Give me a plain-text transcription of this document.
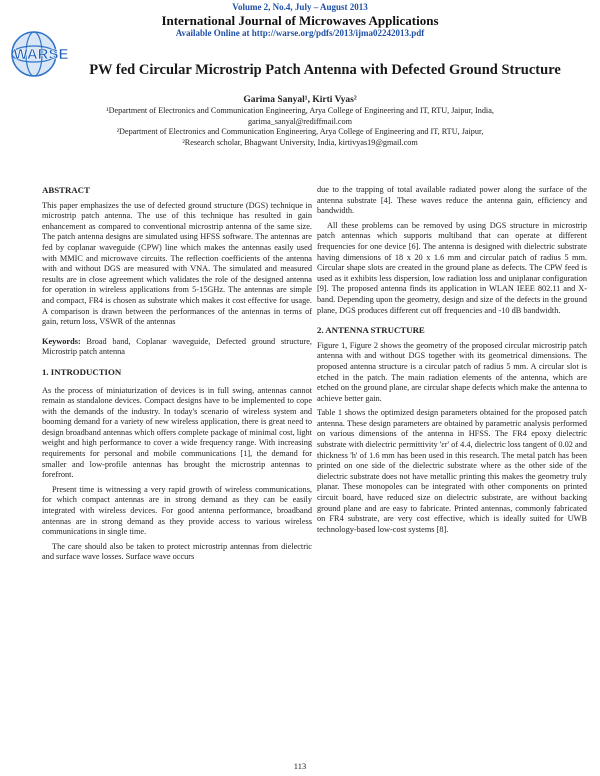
WARSE
Volume 2, No.4, July – August 2013
International Journal of Microwaves Applications
Available Online at http://warse.org/pdfs/2013/ijma02242013.pdf
PW fed Circular Microstrip Patch Antenna with Defected Ground Structure
Garima Sanyal¹, Kirti Vyas²

¹Department of Electronics and Communication Engineering, Arya College of Engineering and IT, RTU, Jaipur, India, garima_sanyal@rediffmail.com

²Department of Electronics and Communication Engineering, Arya College of Engineering and IT, RTU, Jaipur,

²Research scholar, Bhagwant University, India, kirtivyas19@gmail.com

ABSTRACT

This paper emphasizes the use of defected ground structure (DGS) technique in microstrip patch antenna. The use of this technique has resulted in gain enhancement as compared to conventional microstrip antenna of the same size. The patch antenna designs are simulated using HFSS software. The antennas are fed by coplanar waveguide (CPW) line which makes the antennas easily used with MMIC and microwave circuits. The reflection coefficients of the antenna with and without DGS are measured with VNA. The simulated and measured results are in close agreement which validates the role of the designed antenna for operation in wireless applications from 5-15GHz. The antennas are simple and compact, FR4 is chosen as substrate which makes it cost effective for usage. A comparison is drawn between the performances of the antennas in terms of gain, return loss, VSWR of the antennas

Keywords: Broad band, Coplanar waveguide, Defected ground structure, Microstrip patch antenna

1. INTRODUCTION

As the process of miniaturization of devices is in full swing, antennas cannot remain as standalone devices. Compact designs have to be implemented to cope with the demands of the industry. In today's scenario of wireless system and booming demand for a variety of new wireless application, there is great need to design broadband antennas which offers complete package of minimal cost, light weight and high performance to cover a wide frequency range. With increasing requirements for personal and mobile communications [1], the demand for smaller and low-profile antennas has brought the microstrip antennas to forefront.

Present time is witnessing a very rapid growth of wireless communications, for which compact antennas are in strong demand as they can be easily integrated with wireless devices. For good antenna performance, broadband antennas are in strong demand as they provide access to various wireless communications in single time.

The care should also be taken to protect microstrip antennas from dielectric and surface wave losses. Surface wave occurs

due to the trapping of total available radiated power along the surface of the antenna substrate [4]. These waves reduce the antenna gain, efficiency and bandwidth.

All these problems can be removed by using DGS structure in microstrip patch antennas which supports multiband that can operate at different frequencies for one device [6]. The antenna is designed with dielectric substrate having dimensions of 18 x 20 x 1.6 mm and circular patch of radius 5 mm. Circular shape slots are created in the ground plane as defects. The CPW feed is used as it exhibits less dispersion, low radiation loss and uniplanar configuration [9]. The proposed antenna finds its application in WLAN IEEE 802.11 and X-band. Depending upon the geometry, design and size of the defects in the ground plane, DGS produces different cut off frequencies and -10 dB bandwidth.

2. ANTENNA STRUCTURE

Figure 1, Figure 2 shows the geometry of the proposed circular microstrip patch antenna with and without DGS together with its geometrical dimensions. The proposed antenna structure is a circular patch of radius 5 mm. A circular slot is etched in the patch. The main radiation elements of the antenna, which are etched on the ground plane, are circular shape defects which make the antenna to achieve better gain.

Table 1 shows the optimized design parameters obtained for the proposed patch antenna. These design parameters are obtained by parametric analysis performed on various dimensions of the antenna in HFSS. The FR4 epoxy dielectric substrate with dielectric permittivity 'εr' of 4.4, dielectric loss tangent of 0.02 and thickness 'h' of 1.6 mm has been used in this research. The metal patch has been printed on one side of the dielectric substrate where as the other side of the dielectric substrate does not have metallic printing this makes the geometry truly planar. These monopoles can be integrated with other components on printed circuit board, have reduced size on dielectric substrate, are without backing ground plane and are easy to fabricate. Printed antennas, commonly fabricated on FR4 substrate, are very cost effective, which is ideally suited for UWB technology-based low-cost systems [8].

113
